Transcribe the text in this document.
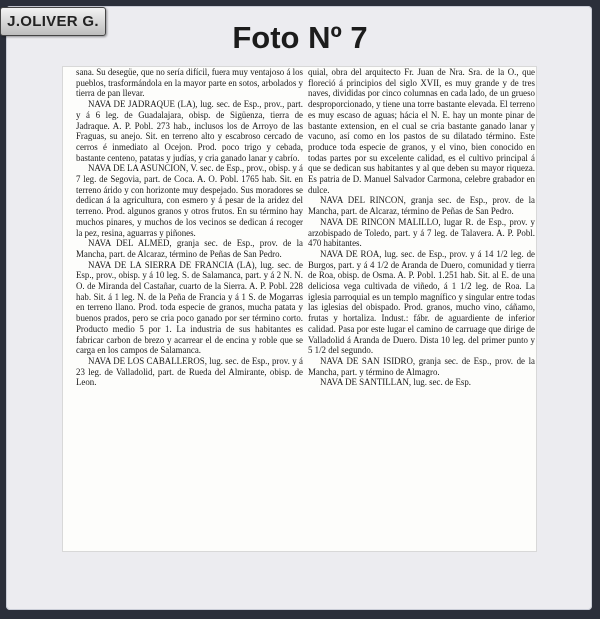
J.OLIVER G.	Foto Nº 7

sana. Su desegüe, que no sería difícil, fuera muy ventajoso á los pueblos, trasformándola en la mayor parte en sotos, arbolados y tierra de pan llevar.

NAVA DE JADRAQUE (LA), lug. sec. de Esp., prov., part. y á 6 leg. de Guadalajara, obisp. de Sigüenza, tierra de Jadraque. A. P. Pobl. 273 hab., inclusos los de Arroyo de las Fraguas, su anejo. Sit. en terreno alto y escabroso cercado de cerros é inmediato al Ocejon. Prod. poco trigo y cebada, bastante centeno, patatas y judías, y cria ganado lanar y cabrío.

NAVA DE LA ASUNCION, V. sec. de Esp., prov., obisp. y á 7 leg. de Segovia, part. de Coca. A. O. Pobl. 1765 hab. Sit. en terreno árido y con horizonte muy despejado. Sus moradores se dedican á la agricultura, con esmero y á pesar de la aridez del terreno. Prod. algunos granos y otros frutos. En su término hay muchos pinares, y muchos de los vecinos se dedican á recoger la pez, resina, aguarras y piñones.

NAVA DEL ALMED, granja sec. de Esp., prov. de la Mancha, part. de Alcaraz, término de Peñas de San Pedro.

NAVA DE LA SIERRA DE FRANCIA (LA), lug. sec. de Esp., prov., obisp. y á 10 leg. S. de Salamanca, part. y á 2 N. N. O. de Miranda del Castañar, cuarto de la Sierra. A. P. Pobl. 228 hab. Sit. á 1 leg. N. de la Peña de Francia y á 1 S. de Mogarras en terreno llano. Prod. toda especie de granos, mucha patata y buenos prados, pero se cria poco ganado por ser término corto. Producto medio 5 por 1. La industria de sus habitantes es fabricar carbon de brezo y acarrear el de encina y roble que se carga en los campos de Salamanca.

NAVA DE LOS CABALLEROS, lug. sec. de Esp., prov. y á 23 leg. de Valladolid, part. de Rueda del Almirante, obisp. de Leon.

quial, obra del arquitecto Fr. Juan de Nra. Sra. de la O., que floreció á principios del siglo XVII, es muy grande y de tres naves, divididas por cinco columnas en cada lado, de un grueso desproporcionado, y tiene una torre bastante elevada. El terreno es muy escaso de aguas; hácia el N. E. hay un monte pinar de bastante extension, en el cual se cria bastante ganado lanar y vacuno, así como en los pastos de su dilatado término. Este produce toda especie de granos, y el vino, bien conocido en todas partes por su excelente calidad, es el cultivo principal á que se dedican sus habitantes y al que deben su mayor riqueza. Es patria de D. Manuel Salvador Carmona, celebre grabador en dulce.

NAVA DEL RINCON, granja sec. de Esp., prov. de la Mancha, part. de Alcaraz, término de Peñas de San Pedro.

NAVA DE RINCON MALILLO, lugar R. de Esp., prov. y arzobispado de Toledo, part. y á 7 leg. de Talavera. A. P. Pobl. 470 habitantes.

NAVA DE ROA, lug. sec. de Esp., prov. y á 14 1/2 leg. de Burgos, part. y á 4 1/2 de Aranda de Duero, comunidad y tierra de Roa, obisp. de Osma. A. P. Pobl. 1.251 hab. Sit. al E. de una deliciosa vega cultivada de viñedo, á 1 1/2 leg. de Roa. La iglesia parroquial es un templo magnífico y singular entre todas las iglesias del obispado. Prod. granos, mucho vino, cáñamo, frutas y hortaliza. Indust.: fábr. de aguardiente de inferior calidad. Pasa por este lugar el camino de carruage que dirige de Valladolid á Aranda de Duero. Dista 10 leg. del primer punto y 5 1/2 del segundo.

NAVA DE SAN ISIDRO, granja sec. de Esp., prov. de la Mancha, part. y término de Almagro.

NAVA DE SANTILLAN, lug. sec. de Esp.
